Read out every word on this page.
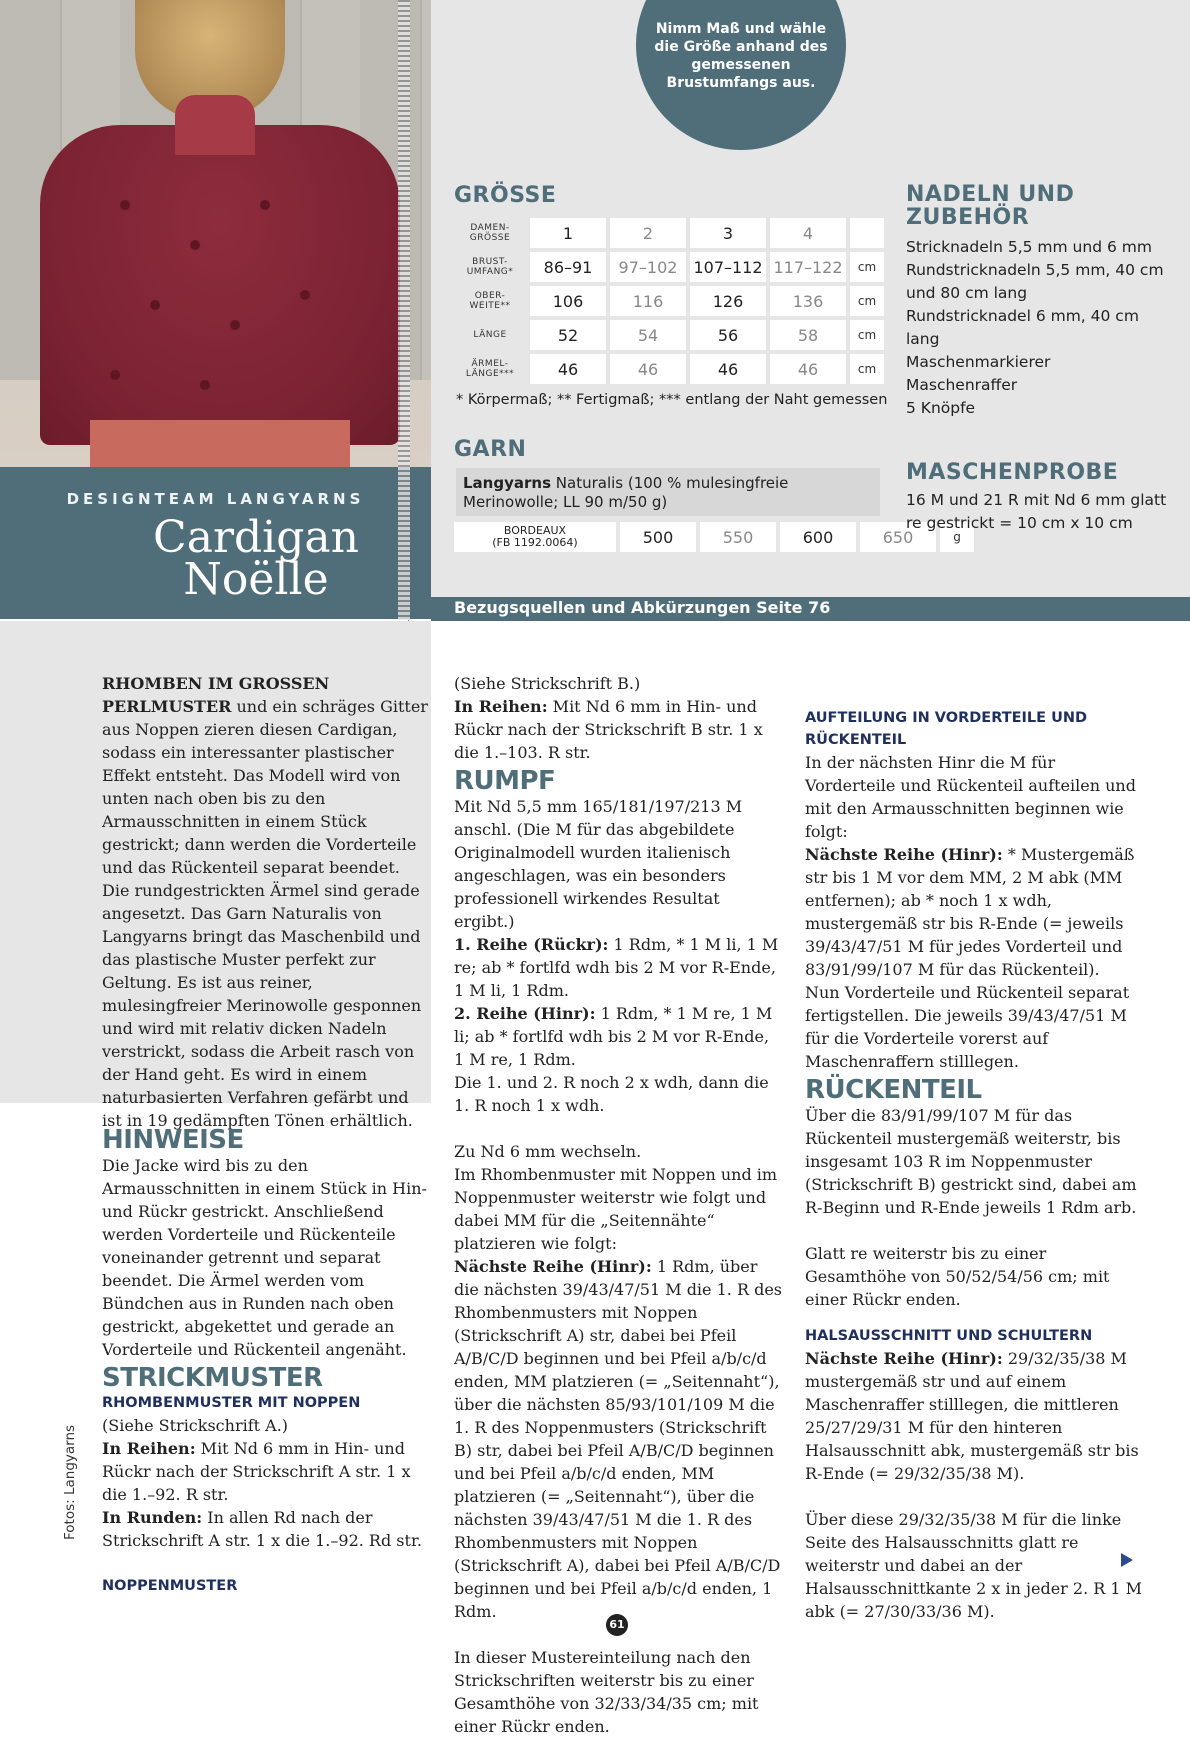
DESIGNTEAM LANGYARNS
Cardigan
Noëlle
Nimm Maß und wähle die Größe anhand des gemessenen Brustumfangs aus.
GRÖSSE
DAMEN-
GRÖSSE	1	2	3	4	
BRUST-
UMFANG*	86–91	97–102	107–112	117–122	cm
OBER-
WEITE**	106	116	126	136	cm
LÄNGE	52	54	56	58	cm
ÄRMEL-
LÄNGE***	46	46	46	46	cm
* Körpermaß; ** Fertigmaß; *** entlang der Naht gemessen
GARN
Langyarns Naturalis (100 % mulesingfreie Merinowolle; LL 90 m/50 g)
BORDEAUX
(FB 1192.0064)	500	550	600	650	g
NADELN UND ZUBEHÖR
Stricknadeln 5,5 mm und 6 mm
Rundstricknadeln 5,5 mm, 40 cm und 80 cm lang
Rundstricknadel 6 mm, 40 cm lang
Maschenmarkierer
Maschenraffer
5 Knöpfe
MASCHENPROBE
16 M und 21 R mit Nd 6 mm glatt re gestrickt = 10 cm x 10 cm
Bezugsquellen und Abkürzungen Seite 76
RHOMBEN IM GROSSEN PERLMUSTER und ein schräges Gitter aus Noppen zieren diesen Cardigan, sodass ein interessanter plastischer Effekt entsteht. Das Modell wird von unten nach oben bis zu den Armausschnitten in einem Stück gestrickt; dann werden die Vorderteile und das Rückenteil separat beendet. Die rundgestrickten Ärmel sind gerade angesetzt. Das Garn Naturalis von Langyarns bringt das Maschenbild und das plastische Muster perfekt zur Geltung. Es ist aus reiner, mulesingfreier Merinowolle gesponnen und wird mit relativ dicken Nadeln verstrickt, sodass die Arbeit rasch von der Hand geht. Es wird in einem naturbasierten Verfahren gefärbt und ist in 19 gedämpften Tönen erhältlich.
HINWEISE

Die Jacke wird bis zu den Armausschnitten in einem Stück in Hin- und Rückr gestrickt. Anschließend werden Vorderteile und Rückenteile voneinander getrennt und separat beendet. Die Ärmel werden vom Bündchen aus in Runden nach oben gestrickt, abgekettet und gerade an Vorderteile und Rückenteil angenäht.

STRICKMUSTER

RHOMBENMUSTER MIT NOPPEN

(Siehe Strickschrift A.)

In Reihen: Mit Nd 6 mm in Hin- und Rückr nach der Strickschrift A str. 1 x die 1.–92. R str.

In Runden: In allen Rd nach der Strickschrift A str. 1 x die 1.–92. Rd str.

NOPPENMUSTER

(Siehe Strickschrift B.)

In Reihen: Mit Nd 6 mm in Hin- und Rückr nach der Strickschrift B str. 1 x die 1.–103. R str.

RUMPF

Mit Nd 5,5 mm 165/181/197/213 M anschl. (Die M für das abgebildete Originalmodell wurden italienisch angeschlagen, was ein besonders professionell wirkendes Resultat ergibt.)

1. Reihe (Rückr): 1 Rdm, * 1 M li, 1 M re; ab * fortlfd wdh bis 2 M vor R-Ende, 1 M li, 1 Rdm.

2. Reihe (Hinr): 1 Rdm, * 1 M re, 1 M li; ab * fortlfd wdh bis 2 M vor R-Ende, 1 M re, 1 Rdm.

Die 1. und 2. R noch 2 x wdh, dann die 1. R noch 1 x wdh.

Zu Nd 6 mm wechseln.

Im Rhombenmuster mit Noppen und im Noppenmuster weiterstr wie folgt und dabei MM für die „Seitennähte“ platzieren wie folgt:

Nächste Reihe (Hinr): 1 Rdm, über die nächsten 39/43/47/51 M die 1. R des Rhombenmusters mit Noppen (Strickschrift A) str, dabei bei Pfeil A/B/C/D beginnen und bei Pfeil a/b/c/d enden, MM platzieren (= „Seitennaht“), über die nächsten 85/93/101/109 M die 1. R des Noppenmusters (Strickschrift B) str, dabei bei Pfeil A/B/C/D beginnen und bei Pfeil a/b/c/d enden, MM platzieren (= „Seitennaht“), über die nächsten 39/43/47/51 M die 1. R des Rhombenmusters mit Noppen (Strickschrift A), dabei bei Pfeil A/B/C/D beginnen und bei Pfeil a/b/c/d enden, 1 Rdm.

In dieser Mustereinteilung nach den Strickschriften weiterstr bis zu einer Gesamthöhe von 32/33/34/35 cm; mit einer Rückr enden.

AUFTEILUNG IN VORDERTEILE UND RÜCKENTEIL

In der nächsten Hinr die M für Vorderteile und Rückenteil aufteilen und mit den Armausschnitten beginnen wie folgt:

Nächste Reihe (Hinr): * Mustergemäß str bis 1 M vor dem MM, 2 M abk (MM entfernen); ab * noch 1 x wdh, mustergemäß str bis R-Ende (= jeweils 39/43/47/51 M für jedes Vorderteil und 83/91/99/107 M für das Rückenteil).

Nun Vorderteile und Rückenteil separat fertigstellen. Die jeweils 39/43/47/51 M für die Vorderteile vorerst auf Maschenraffern stilllegen.

RÜCKENTEIL

Über die 83/91/99/107 M für das Rückenteil mustergemäß weiterstr, bis insgesamt 103 R im Noppenmuster (Strickschrift B) gestrickt sind, dabei am R-Beginn und R-Ende jeweils 1 Rdm arb.

Glatt re weiterstr bis zu einer Gesamthöhe von 50/52/54/56 cm; mit einer Rückr enden.

HALSAUSSCHNITT UND SCHULTERN

Nächste Reihe (Hinr): 29/32/35/38 M mustergemäß str und auf einem Maschenraffer stilllegen, die mittleren 25/27/29/31 M für den hinteren Halsausschnitt abk, mustergemäß str bis R-Ende (= 29/32/35/38 M).

Über diese 29/32/35/38 M für die linke Seite des Halsausschnitts glatt re weiterstr und dabei an der Halsausschnittkante 2 x in jeder 2. R 1 M abk (= 27/30/33/36 M).

Fotos: Langyarns
61
